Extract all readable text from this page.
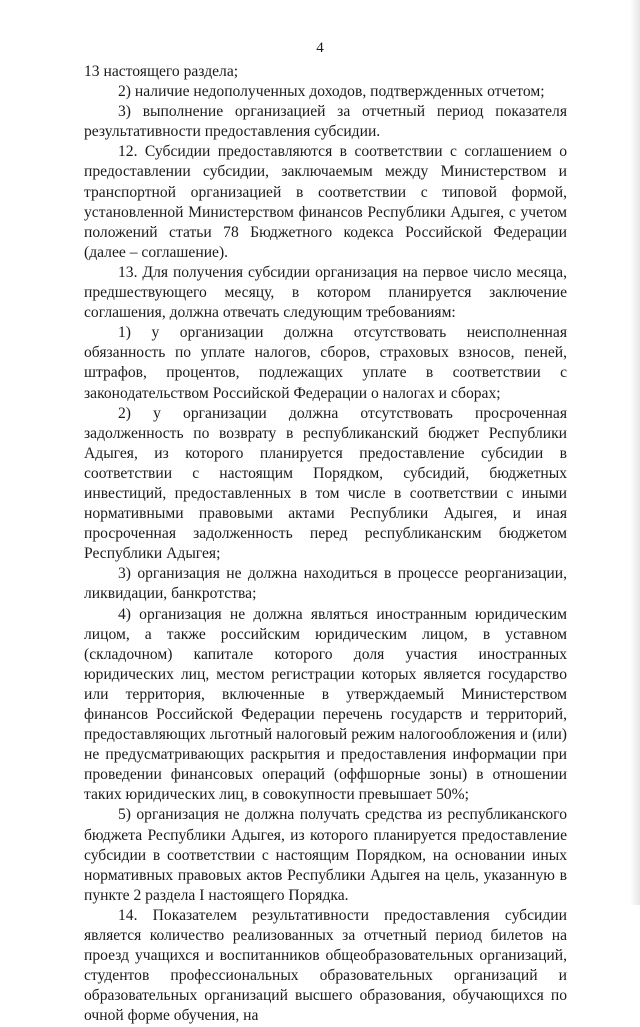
4

13 настоящего раздела;

2) наличие недополученных доходов, подтвержденных отчетом;

3) выполнение организацией за отчетный период показателя результативности предоставления субсидии.

12. Субсидии предоставляются в соответствии с соглашением о предоставлении субсидии, заключаемым между Министерством и транспортной организацией в соответствии с типовой формой, установленной Министерством финансов Республики Адыгея, с учетом положений статьи 78 Бюджетного кодекса Российской Федерации (далее – соглашение).

13. Для получения субсидии организация на первое число месяца, предшествующего месяцу, в котором планируется заключение соглашения, должна отвечать следующим требованиям:

1) у организации должна отсутствовать неисполненная обязанность по уплате налогов, сборов, страховых взносов, пеней, штрафов, процентов, подлежащих уплате в соответствии с законодательством Российской Федерации о налогах и сборах;

2) у организации должна отсутствовать просроченная задолженность по возврату в республиканский бюджет Республики Адыгея, из которого планируется предоставление субсидии в соответствии с настоящим Порядком, субсидий, бюджетных инвестиций, предоставленных в том числе в соответствии с иными нормативными правовыми актами Республики Адыгея, и иная просроченная задолженность перед республиканским бюджетом Республики Адыгея;

3) организация не должна находиться в процессе реорганизации, ликвидации, банкротства;

4) организация не должна являться иностранным юридическим лицом, а также российским юридическим лицом, в уставном (складочном) капитале которого доля участия иностранных юридических лиц, местом регистрации которых является государство или территория, включенные в утверждаемый Министерством финансов Российской Федерации перечень государств и территорий, предоставляющих льготный налоговый режим налогообложения и (или) не предусматривающих раскрытия и предоставления информации при проведении финансовых операций (оффшорные зоны) в отношении таких юридических лиц, в совокупности превышает 50%;

5) организация не должна получать средства из республиканского бюджета Республики Адыгея, из которого планируется предоставление субсидии в соответствии с настоящим Порядком, на основании иных нормативных правовых актов Республики Адыгея на цель, указанную в пункте 2 раздела I настоящего Порядка.

14. Показателем результативности предоставления субсидии является количество реализованных за отчетный период билетов на проезд учащихся и воспитанников общеобразовательных организаций, студентов профессиональных образовательных организаций и образовательных организаций высшего образования, обучающихся по очной форме обучения, на
